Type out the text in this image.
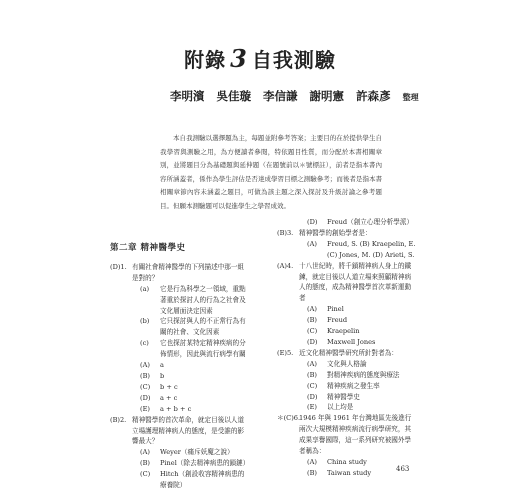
附錄 3 自我測驗
李明濱 吳佳璇 李信謙 謝明憲 許森彥 整理

本自我測驗以選擇題為主，每題並附參考答案；主要目的在於提供學生自我學習與測驗之用，為方便讀者參閱，特依題目性質，而分配於本書相關章別，並將題目分為基礎題與延伸題（在題號前以＊號標註），前者是指本書內容所涵蓋者，係作為學生評估是否達成學習目標之測驗參考；而後者是指本書相關章節內容未涵蓋之題目，可做為該主題之深入探討及升級討論之參考題目。但願本測驗題可以促進學生之學習成效。

第二章 精神醫學史
(D)1. 有關社會精神醫學的下列描述中那一組是對的？
(a) 它是行為科學之一領域，重點著重於探討人的行為之社會及文化層面決定因素
(b) 它只探討與人的不正常行為有關的社會、文化因素
(c) 它也探討某特定精神疾病的分佈情形，因此與流行病學有關
(A) a
(B) b
(C) b + c
(D) a + c
(E) a + b + c
(B)2. 精神醫學的首次革命，就定目後以人道立場護理精神病人的態度，是受誰的影響最大？
(A) Weyer（痛斥妖魔之說）
(B) Pinel（除去精神病患的鎖鏈）
(C) Hitch（創設收容精神病患的療養院）
(D) Freud（創立心理分析學派）
(B)3. 精神醫學的創始學者是：
(A) Freud, S. (B) Kraepelin, E. (C) Jones, M. (D) Arieti, S.
(A)4. 十八世紀時，將千鎖精神病人身上的鐵鍊，就定目後以人道立場來照顧精神病人的態度，成為精神醫學首次革新運動者
(A) Pinel
(B) Freud
(C) Kraepelin
(D) Maxwell Jones
(E)5. 近文化精神醫學研究所針對者為：
(A) 文化與人格論
(B) 對精神疾病的態度與療法
(C) 精神疾病之發生率
(D) 精神醫學史
(E) 以上均是
＊(C)6.
1946 年與 1961 年台灣地區先後進行兩次大規模精神疾病流行病學研究，其成果享譽國際，這一系列研究被國外學者稱為：
(A) China study
(B) Taiwan study	463
